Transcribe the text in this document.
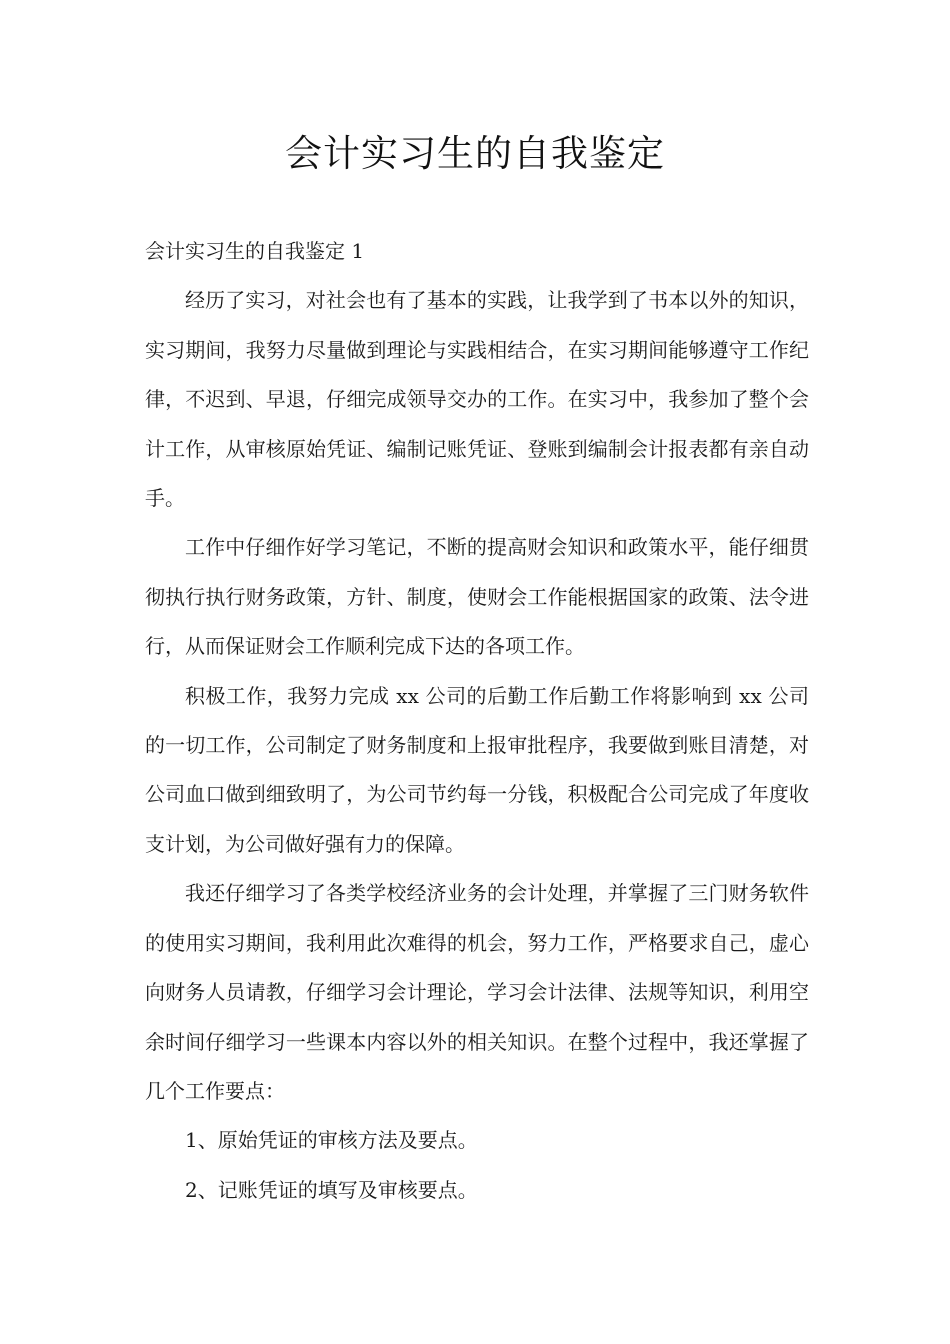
会计实习生的自我鉴定

会计实习生的自我鉴定 1

经历了实习，对社会也有了基本的实践，让我学到了书本以外的知识，实习期间，我努力尽量做到理论与实践相结合，在实习期间能够遵守工作纪律，不迟到、早退，仔细完成领导交办的工作。在实习中，我参加了整个会计工作，从审核原始凭证、编制记账凭证、登账到编制会计报表都有亲自动手。

工作中仔细作好学习笔记，不断的提高财会知识和政策水平，能仔细贯彻执行执行财务政策，方针、制度，使财会工作能根据国家的政策、法令进行，从而保证财会工作顺利完成下达的各项工作。

积极工作，我努力完成 xx 公司的后勤工作后勤工作将影响到 xx 公司的一切工作，公司制定了财务制度和上报审批程序，我要做到账目清楚，对公司血口做到细致明了，为公司节约每一分钱，积极配合公司完成了年度收支计划，为公司做好强有力的保障。

我还仔细学习了各类学校经济业务的会计处理，并掌握了三门财务软件的使用实习期间，我利用此次难得的机会，努力工作，严格要求自己，虚心向财务人员请教，仔细学习会计理论，学习会计法律、法规等知识，利用空余时间仔细学习一些课本内容以外的相关知识。在整个过程中，我还掌握了几个工作要点：

1、原始凭证的审核方法及要点。

2、记账凭证的填写及审核要点。
